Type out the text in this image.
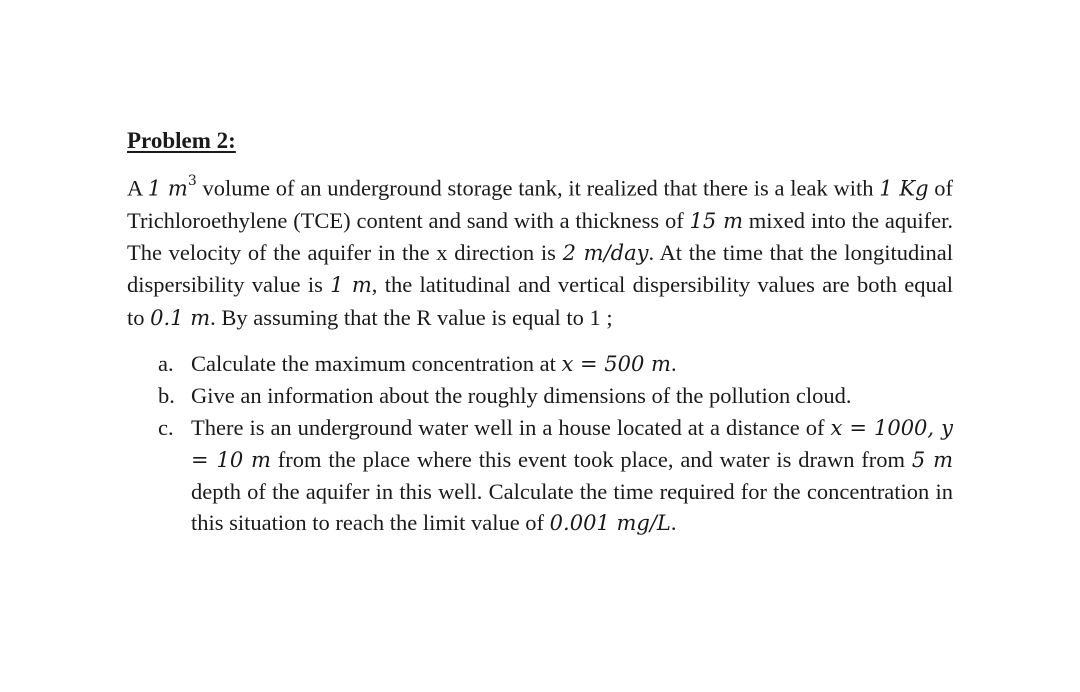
Problem 2:

A 1 $m^3$ volume of an underground storage tank, it realized that there is a leak with 1 Kg of Trichloroethylene (TCE) content and sand with a thickness of 15 m mixed into the aquifer. The velocity of the aquifer in the x direction is 2 m/day. At the time that the longitudinal dispersibility value is 1 m, the latitudinal and vertical dispersibility values are both equal to 0.1 m. By assuming that the R value is equal to 1 ;

a. Calculate the maximum concentration at x = 500 m.
b. Give an information about the roughly dimensions of the pollution cloud.
c. There is an underground water well in a house located at a distance of x = 1000, y = 10 m from the place where this event took place, and water is drawn from 5 m depth of the aquifer in this well. Calculate the time required for the concentration in this situation to reach the limit value of 0.001 mg/L.
